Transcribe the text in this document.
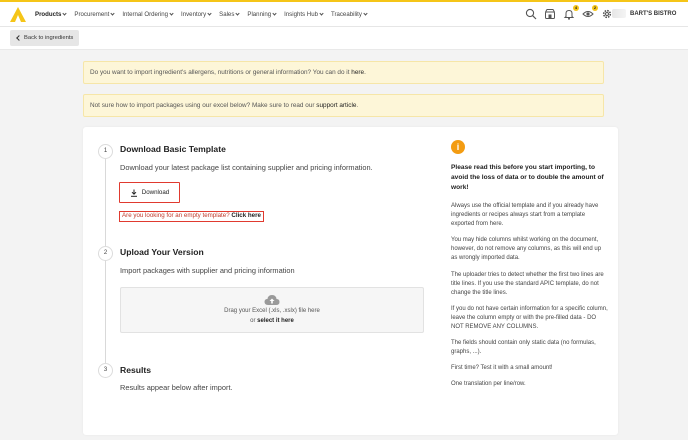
Products	Procurement	Internal Ordering	Inventory	Sales	Planning	Insights Hub	Traceability
4	2
BART'S BISTRO
Back to ingredients
Do you want to import ingredient's allergens, nutritions or general information? You can do it here.
Not sure how to import packages using our excel below? Make sure to read our support article.
1	Download Basic Template
Download your latest package list containing supplier and pricing information.
Download
Are you looking for an empty template? Click here
2	Upload Your Version
Import packages with supplier and pricing information
Drag your Excel (.xls, .xslx) file here
or select it here
3	Results
Results appear below after import.
i
Please read this before you start importing, to avoid the loss of data or to double the amount of work!
Always use the official template and if you already have ingredients or recipes always start from a template exported from here.
You may hide columns whilst working on the document, however, do not remove any columns, as this will end up as wrongly imported data.
The uploader tries to detect whether the first two lines are title lines. If you use the standard APIC template, do not change the title lines.
If you do not have certain information for a specific column, leave the column empty or with the pre-filled data - DO NOT REMOVE ANY COLUMNS.
The fields should contain only static data (no formulas, graphs, ...).
First time? Test it with a small amount!
One translation per line/row.
